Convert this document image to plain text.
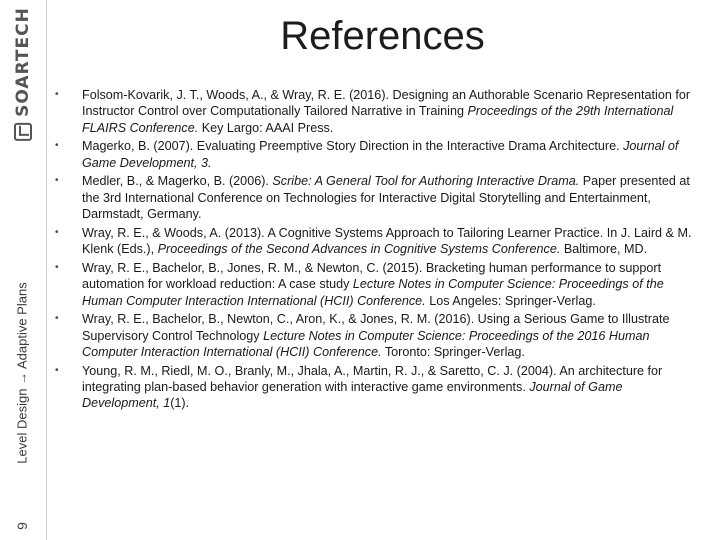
SOARTECH
Level Design → Adaptive Plans
9
References
•	Folsom-Kovarik, J. T., Woods, A., & Wray, R. E. (2016). Designing an Authorable Scenario Representation for Instructor Control over Computationally Tailored Narrative in Training Proceedings of the 29th International FLAIRS Conference. Key Largo: AAAI Press.
•	Magerko, B. (2007). Evaluating Preemptive Story Direction in the Interactive Drama Architecture. Journal of Game Development, 3.
•	Medler, B., & Magerko, B. (2006). Scribe: A General Tool for Authoring Interactive Drama. Paper presented at the 3rd International Conference on Technologies for Interactive Digital Storytelling and Entertainment, Darmstadt, Germany.
•	Wray, R. E., & Woods, A. (2013). A Cognitive Systems Approach to Tailoring Learner Practice. In J. Laird & M. Klenk (Eds.), Proceedings of the Second Advances in Cognitive Systems Conference. Baltimore, MD.
•	Wray, R. E., Bachelor, B., Jones, R. M., & Newton, C. (2015). Bracketing human performance to support automation for workload reduction: A case study Lecture Notes in Computer Science: Proceedings of the Human Computer Interaction International (HCII) Conference. Los Angeles: Springer-Verlag.
•	Wray, R. E., Bachelor, B., Newton, C., Aron, K., & Jones, R. M. (2016). Using a Serious Game to Illustrate Supervisory Control Technology Lecture Notes in Computer Science: Proceedings of the 2016 Human Computer Interaction International (HCII) Conference. Toronto: Springer-Verlag.
•	Young, R. M., Riedl, M. O., Branly, M., Jhala, A., Martin, R. J., & Saretto, C. J. (2004). An architecture for integrating plan-based behavior generation with interactive game environments. Journal of Game Development, 1(1).
